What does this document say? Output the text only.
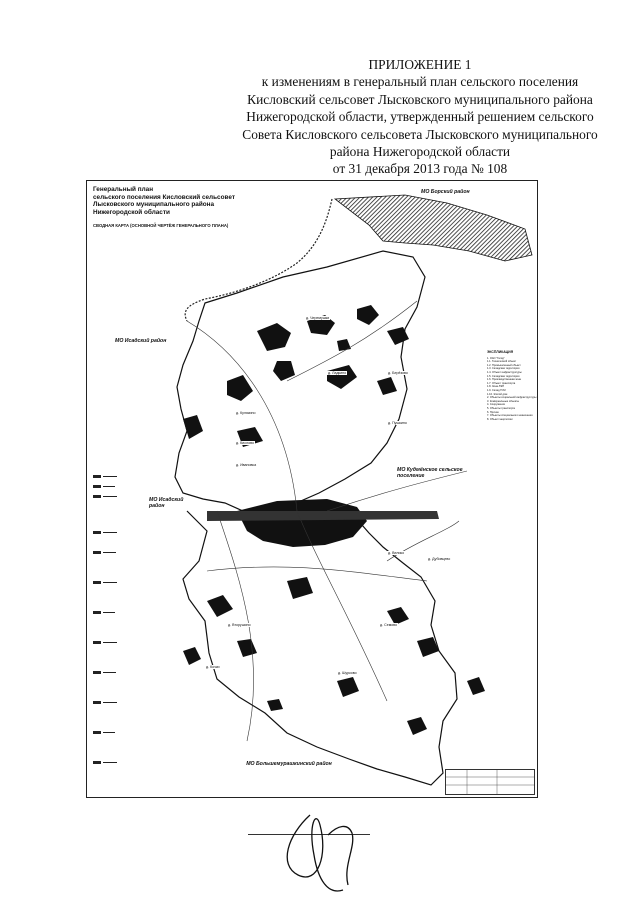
ПРИЛОЖЕНИЕ 1
к изменениям в генеральный план сельского поселения
Кисловский сельсовет Лысковского муниципального района
Нижегородской области, утвержденный решением сельского
Совета Кисловского сельсовета Лысковского муниципального
района Нижегородской области
от 31 декабря 2013 года № 108
Генеральный план
сельского поселения Кисловский сельсовет
Лысковского муниципального района
Нижегородской области
СВОДНАЯ КАРТА (ОСНОВНОЙ ЧЕРТЁЖ ГЕНЕРАЛЬНОГО ПЛАНА)
МО Борский район
МО Исадский район
МО Кудмёнское сельское поселение
МО Исадский район
МО Большемурашкинский район
д. Черемушки
д. Ладкино
д. Кулякино
д. Берёзово
д. Кислово
д. Пушкино
д. Ивановка
д. Дубовцево
д. Велико
д. Вторушино	д. Семово
д. Кочки
д. Шурково
ЭКСПЛИКАЦИЯ
1. ОАО "Гагид"
1.1. Технический объект
1.2. Промышленный объект
1.3. Складская территория
1.4. Объект инфраструктуры
1.5. Складская территория
1.6. Производственная зона
1.7. Объект транспорта
1.8. Зона ЛЭП
1.9. Склад ГСМ
1.10. Жилой дом
2. Объекты социальной инфраструктуры
3. Коммунальные объекты
4. Сооружения
5. Объекты транспорта
6. Прочие
7. Объекты специального назначения
8. Объект энергетики
